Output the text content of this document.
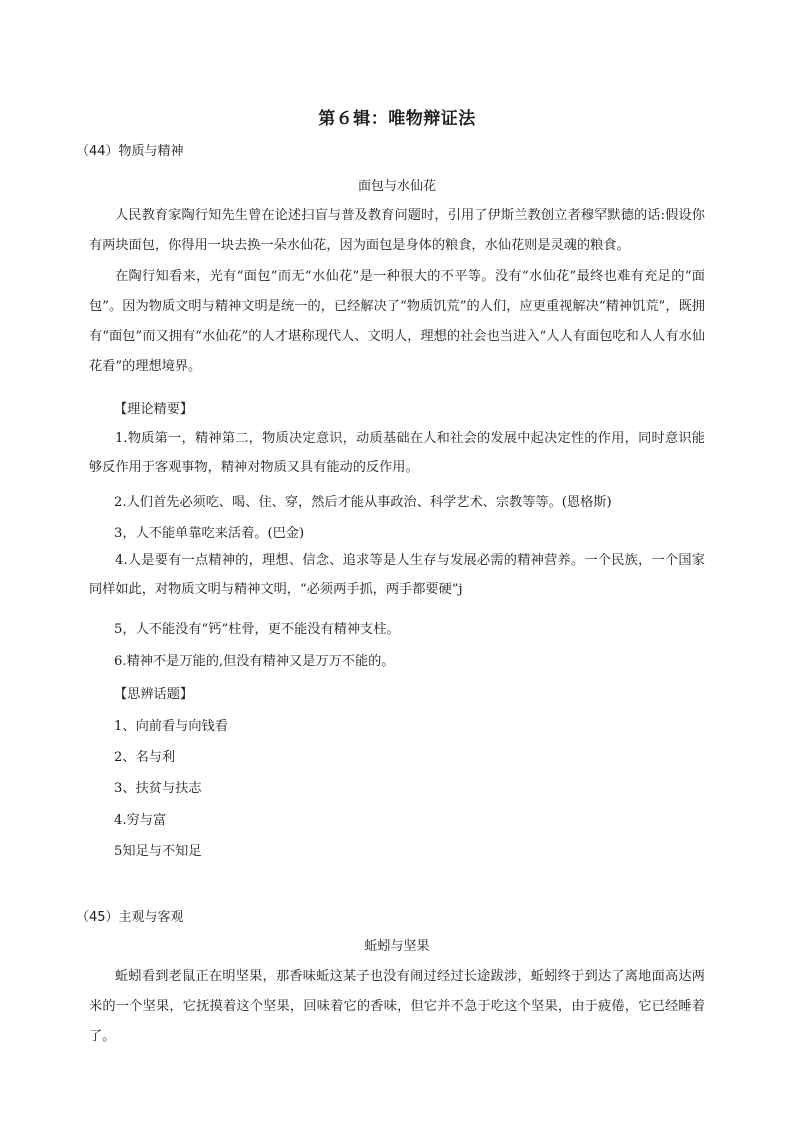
第６辑：唯物辩证法
（44）物质与精神
面包与水仙花
人民教育家陶行知先生曾在论述扫盲与普及教育问题时，引用了伊斯兰教创立者穆罕默德的话:假设你有两块面包，你得用一块去换一朵水仙花，因为面包是身体的粮食，水仙花则是灵魂的粮食。
在陶行知看来，光有“面包”而无“水仙花”是一种很大的不平等。没有“水仙花”最终也难有充足的“面包”。因为物质文明与精神文明是统一的，已经解决了“物质饥荒”的人们，应更重视解决“精神饥荒”，既拥有“面包”而又拥有“水仙花”的人才堪称现代人、文明人，理想的社会也当进入“人人有面包吃和人人有水仙花看”的理想境界。
【理论精要】
1.物质第一，精神第二，物质决定意识，动质基础在人和社会的发展中起决定性的作用，同时意识能够反作用于客观事物，精神对物质又具有能动的反作用。
2.人们首先必须吃、喝、住、穿，然后才能从事政治、科学艺术、宗教等等。(恩格斯)
3，人不能单靠吃来活着。(巴金)
4.人是要有一点精神的，理想、信念、追求等是人生存与发展必需的精神营养。一个民族，一个国家同样如此，对物质文明与精神文明，“必须两手抓，两手都要硬”j
5，人不能没有“钙”柱骨，更不能没有精神支柱。
6.精神不是万能的,但没有精神又是万万不能的。
【思辨话题】
1、向前看与向钱看
2、名与利
3、扶贫与扶志
4.穷与富
5知足与不知足
（45）主观与客观
蚯蚓与坚果
蚯蚓看到老鼠正在明坚果，那香味蚯这某子也没有闹过经过长途跋涉，蚯蚓终于到达了离地面高达两米的一个坚果，它抚摸着这个坚果，回味着它的香味，但它并不急于吃这个坚果，由于疲倦，它已经睡着了。
